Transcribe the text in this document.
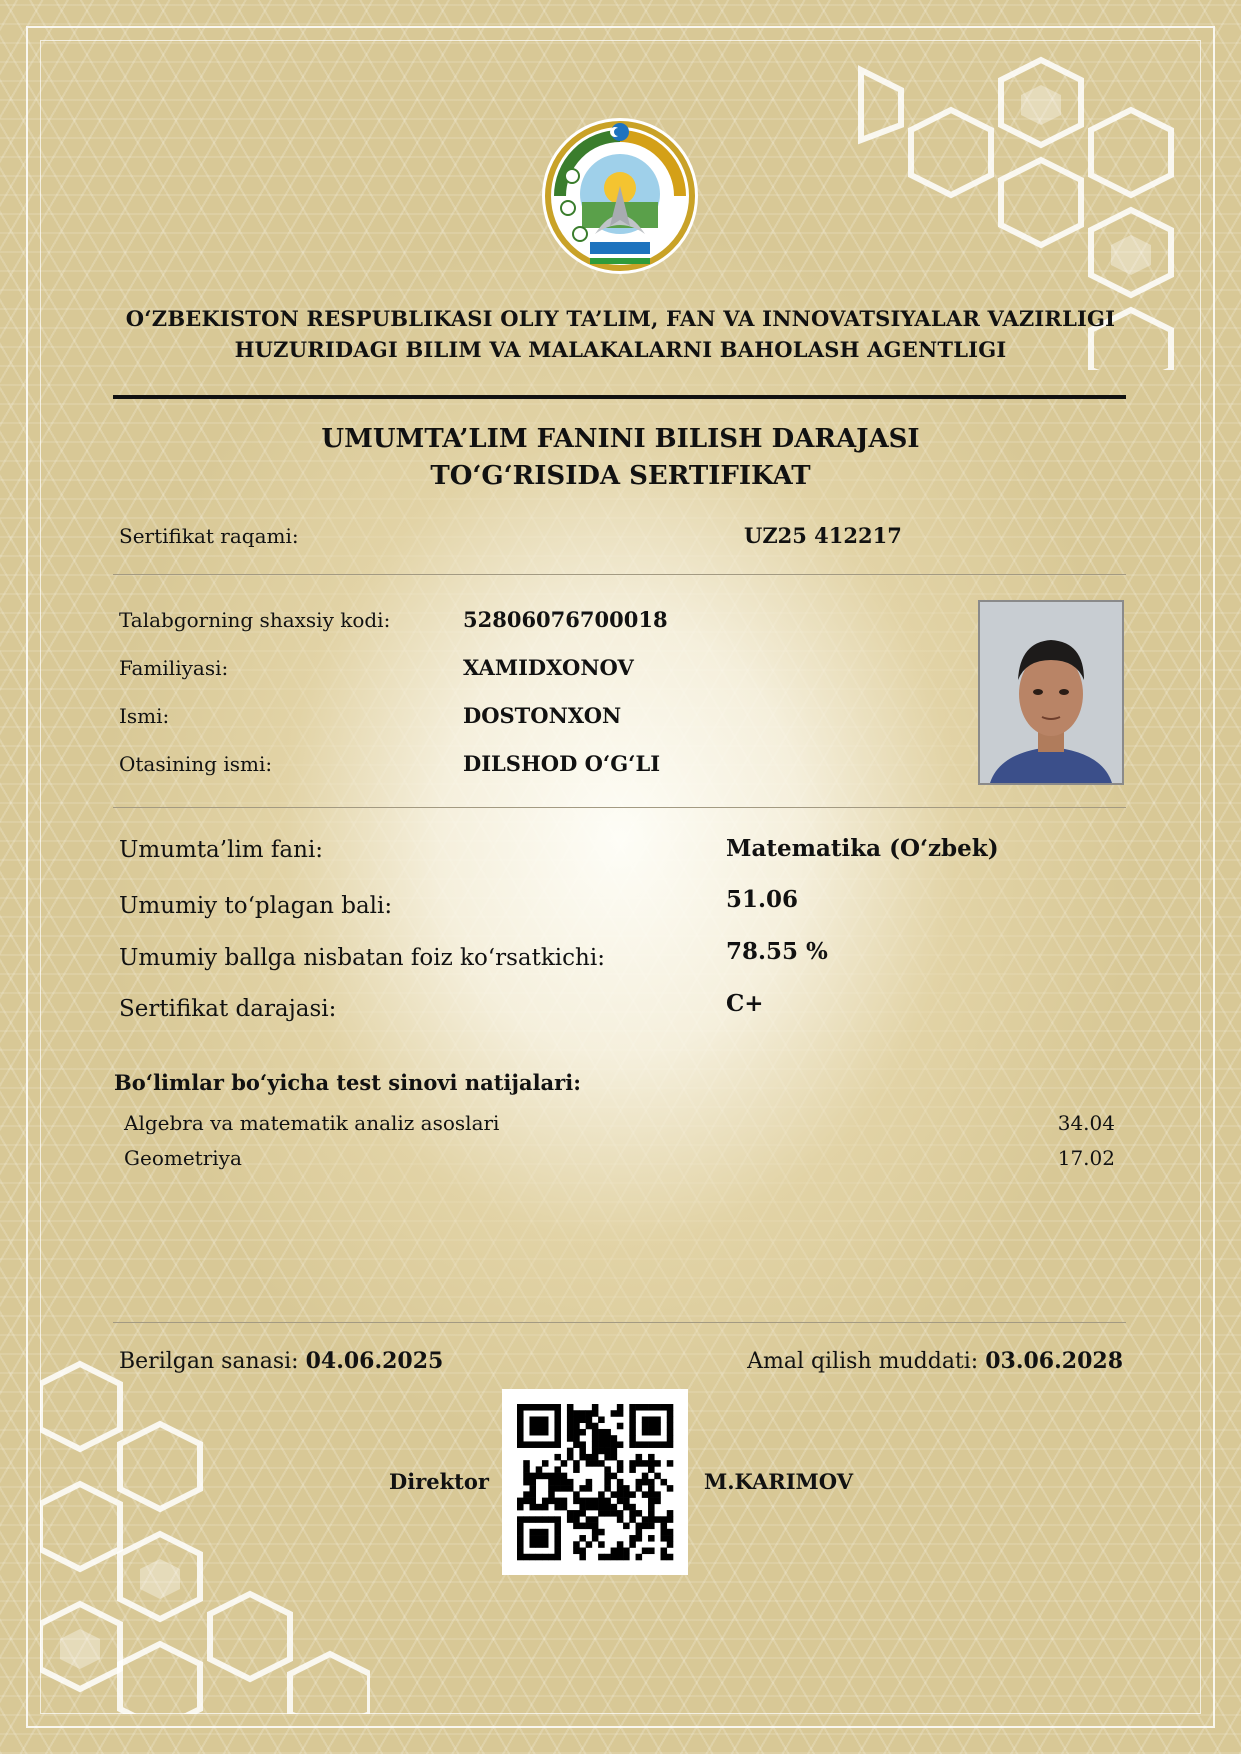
O‘ZBEKISTON RESPUBLIKASI OLIY TA’LIM, FAN VA INNOVATSIYALAR VAZIRLIGI
HUZURIDAGI BILIM VA MALAKALARNI BAHOLASH AGENTLIGI
UMUMTA’LIM FANINI BILISH DARAJASI
TO‘G‘RISIDA SERTIFIKAT
Sertifikat raqami:	UZ25 412217
Talabgorning shaxsiy kodi:	52806076700018
Familiyasi:	XAMIDXONOV
Ismi:	DOSTONXON
Otasining ismi:	DILSHOD O‘G‘LI
Umumta’lim fani:	Matematika (O‘zbek)
Umumiy to‘plagan bali:	51.06
Umumiy ballga nisbatan foiz ko‘rsatkichi:	78.55 %
Sertifikat darajasi:	C+
Bo‘limlar bo‘yicha test sinovi natijalari:
Algebra va matematik analiz asoslari	34.04
Geometriya	17.02
Berilgan sanasi: 04.06.2025	Amal qilish muddati: 03.06.2028
Direktor	M.KARIMOV
